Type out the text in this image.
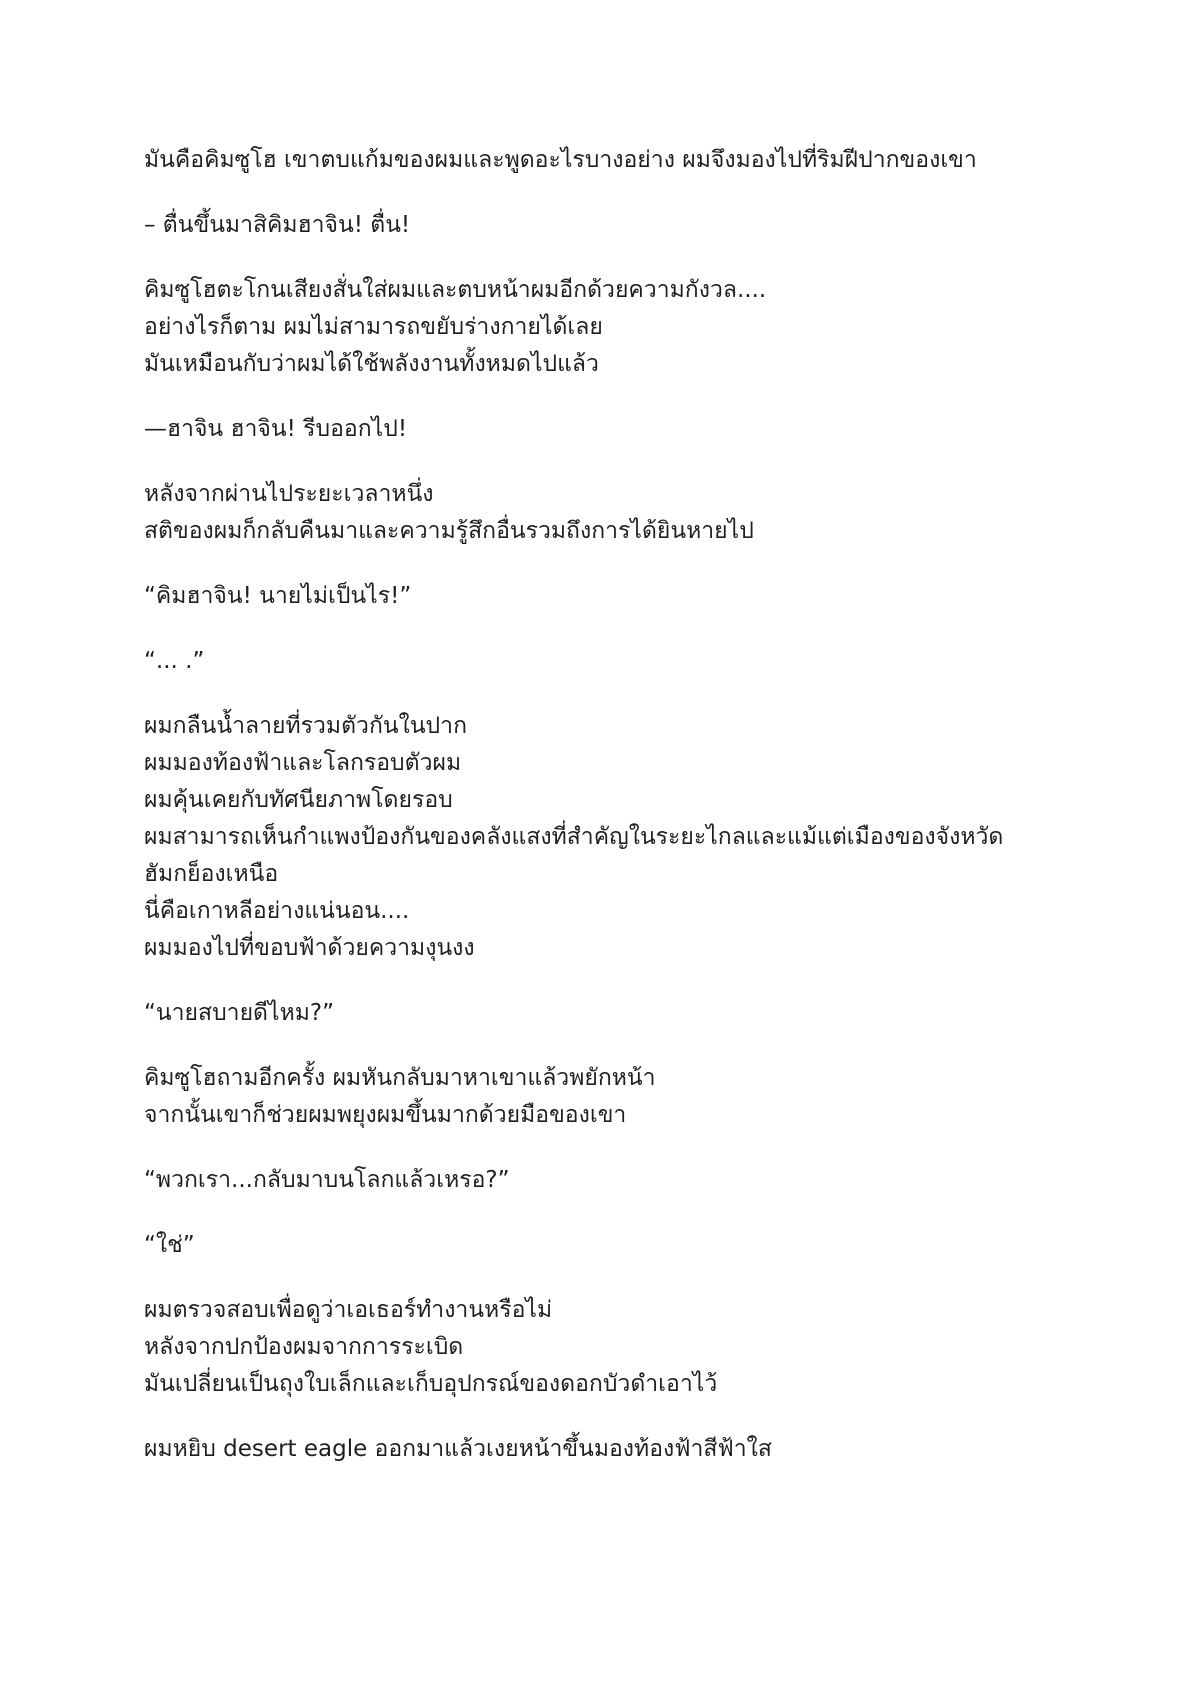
มันคือคิมซูโฮ เขาตบแก้มของผมและพูดอะไรบางอย่าง ผมจึงมองไปที่ริมฝีปากของเขา
– ตื่นขึ้นมาสิคิมฮาจิน! ตื่น!
คิมซูโฮตะโกนเสียงสั่นใส่ผมและตบหน้าผมอีกด้วยความกังวล....
อย่างไรก็ตาม ผมไม่สามารถขยับร่างกายได้เลย
มันเหมือนกับว่าผมได้ใช้พลังงานทั้งหมดไปแล้ว
—ฮาจิน ฮาจิน! รีบออกไป!
หลังจากผ่านไประยะเวลาหนึ่ง
สติของผมก็กลับคืนมาและความรู้สึกอื่นรวมถึงการได้ยินหายไป
“คิมฮาจิน! นายไม่เป็นไร!”
“... .”
ผมกลืนน้ำลายที่รวมตัวกันในปาก
ผมมองท้องฟ้าและโลกรอบตัวผม
ผมคุ้นเคยกับทัศนียภาพโดยรอบ
ผมสามารถเห็นกำแพงป้องกันของคลังแสงที่สำคัญในระยะไกลและแม้แต่เมืองของจังหวัด
ฮัมกย็องเหนือ
นี่คือเกาหลีอย่างแน่นอน....
ผมมองไปที่ขอบฟ้าด้วยความงุนงง
“นายสบายดีไหม?”
คิมซูโฮถามอีกครั้ง ผมหันกลับมาหาเขาแล้วพยักหน้า
จากนั้นเขาก็ช่วยผมพยุงผมขึ้นมากด้วยมือของเขา
“พวกเรา...กลับมาบนโลกแล้วเหรอ?”
“ใช่”
ผมตรวจสอบเพื่อดูว่าเอเธอร์ทำงานหรือไม่
หลังจากปกป้องผมจากการระเบิด
มันเปลี่ยนเป็นถุงใบเล็กและเก็บอุปกรณ์ของดอกบัวดำเอาไว้
ผมหยิบ desert eagle ออกมาแล้วเงยหน้าขึ้นมองท้องฟ้าสีฟ้าใส
